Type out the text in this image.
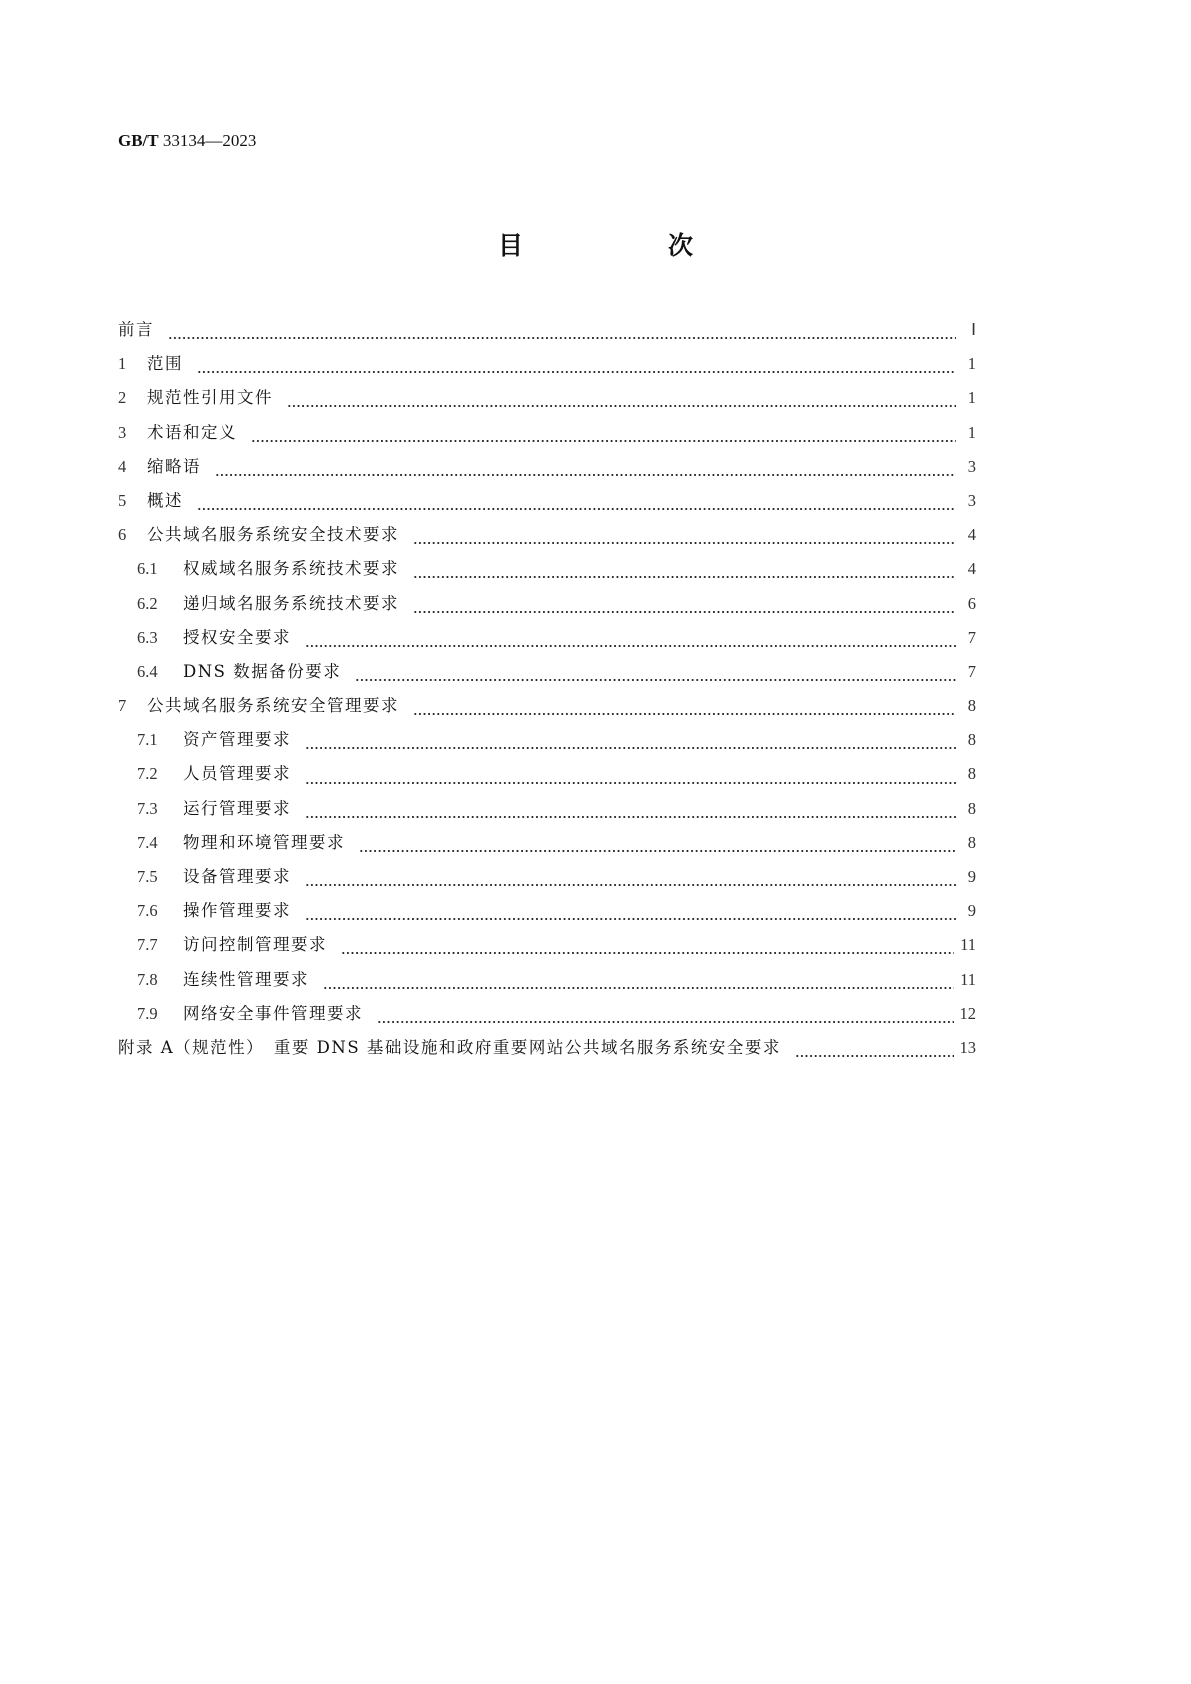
GB/T 33134—2023
目　次
前言	Ⅰ
1	范围	1
2	规范性引用文件	1
3	术语和定义	1
4	缩略语	3
5	概述	3
6	公共域名服务系统安全技术要求	4
6.1	权威域名服务系统技术要求	4
6.2	递归域名服务系统技术要求	6
6.3	授权安全要求	7
6.4	DNS 数据备份要求	7
7	公共域名服务系统安全管理要求	8
7.1	资产管理要求	8
7.2	人员管理要求	8
7.3	运行管理要求	8
7.4	物理和环境管理要求	8
7.5	设备管理要求	9
7.6	操作管理要求	9
7.7	访问控制管理要求	11
7.8	连续性管理要求	11
7.9	网络安全事件管理要求	12
附录 A（规范性）　重要 DNS 基础设施和政府重要网站公共域名服务系统安全要求	13
